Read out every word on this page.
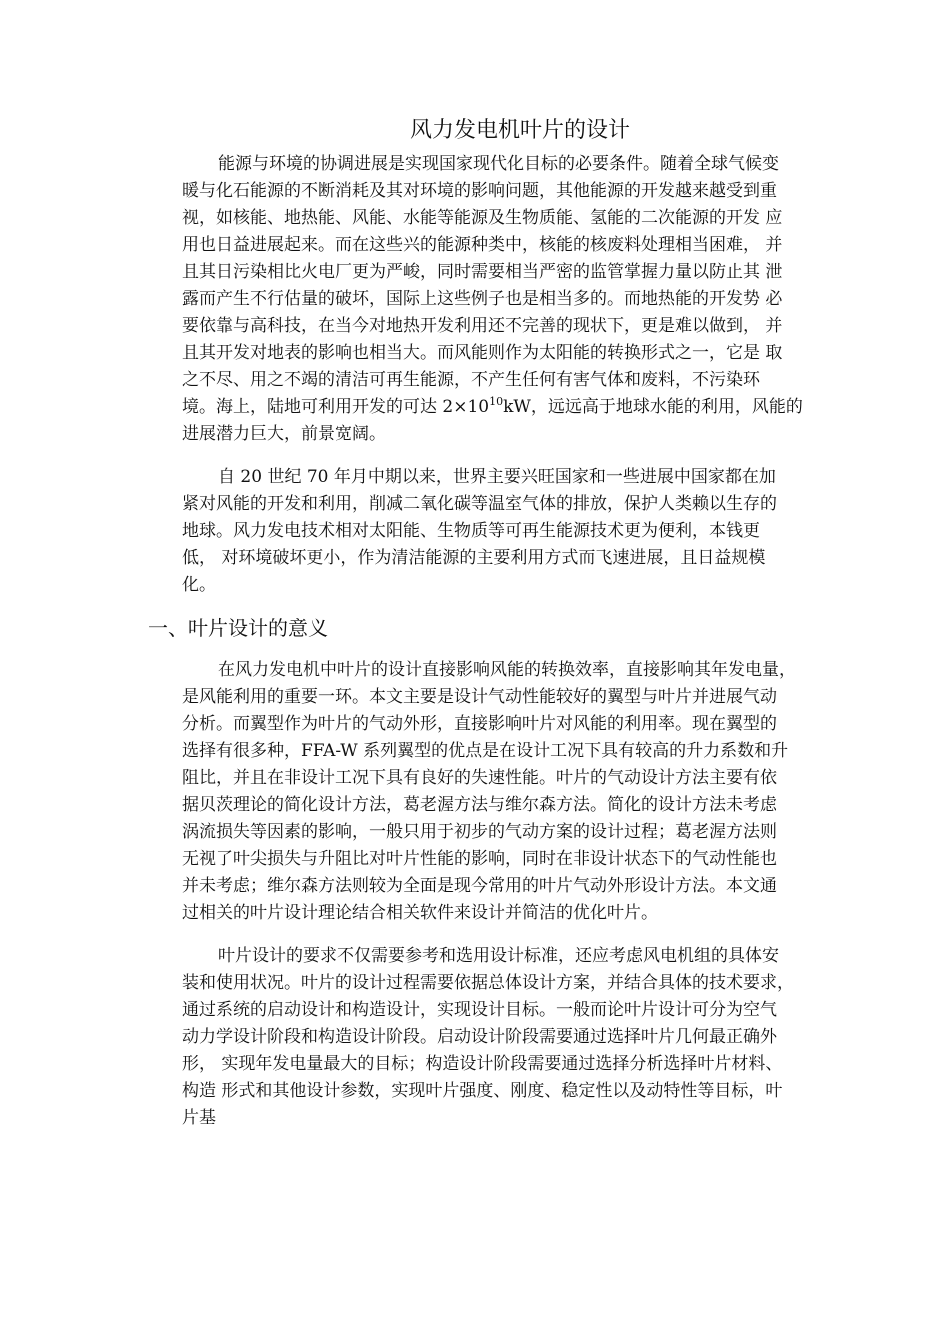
风力发电机叶片的设计

能源与环境的协调进展是实现国家现代化目标的必要条件。随着全球气候变
暖与化石能源的不断消耗及其对环境的影响问题，其他能源的开发越来越受到重
视，如核能、地热能、风能、水能等能源及生物质能、氢能的二次能源的开发 应
用也日益进展起来。而在这些兴的能源种类中，核能的核废料处理相当困难， 并
且其日污染相比火电厂更为严峻，同时需要相当严密的监管掌握力量以防止其 泄
露而产生不行估量的破坏，国际上这些例子也是相当多的。而地热能的开发势 必
要依靠与高科技，在当今对地热开发利用还不完善的现状下，更是难以做到， 并
且其开发对地表的影响也相当大。而风能则作为太阳能的转换形式之一，它是 取
之不尽、用之不竭的清洁可再生能源，不产生任何有害气体和废料，不污染环
境。海上，陆地可利用开发的可达 $2\times 10^{10}kW$，远远高于地球水能的利用，风能的
进展潜力巨大，前景宽阔。

自 20 世纪 70 年月中期以来，世界主要兴旺国家和一些进展中国家都在加
紧对风能的开发和利用，削减二氧化碳等温室气体的排放，保护人类赖以生存的
地球。风力发电技术相对太阳能、生物质等可再生能源技术更为便利，本钱更
低， 对环境破坏更小，作为清洁能源的主要利用方式而飞速进展，且日益规模
化。

一、叶片设计的意义

在风力发电机中叶片的设计直接影响风能的转换效率，直接影响其年发电量，
是风能利用的重要一环。本文主要是设计气动性能较好的翼型与叶片并进展气动
分析。而翼型作为叶片的气动外形，直接影响叶片对风能的利用率。现在翼型的
选择有很多种，FFA-W 系列翼型的优点是在设计工况下具有较高的升力系数和升
阻比，并且在非设计工况下具有良好的失速性能。叶片的气动设计方法主要有依
据贝茨理论的简化设计方法，葛老渥方法与维尔森方法。简化的设计方法未考虑
涡流损失等因素的影响，一般只用于初步的气动方案的设计过程；葛老渥方法则
无视了叶尖损失与升阻比对叶片性能的影响，同时在非设计状态下的气动性能也
并未考虑；维尔森方法则较为全面是现今常用的叶片气动外形设计方法。本文通
过相关的叶片设计理论结合相关软件来设计并简洁的优化叶片。

叶片设计的要求不仅需要参考和选用设计标准，还应考虑风电机组的具体安
装和使用状况。叶片的设计过程需要依据总体设计方案，并结合具体的技术要求，
通过系统的启动设计和构造设计，实现设计目标。一般而论叶片设计可分为空气
动力学设计阶段和构造设计阶段。启动设计阶段需要通过选择叶片几何最正确外
形， 实现年发电量最大的目标；构造设计阶段需要通过选择分析选择叶片材料、
构造 形式和其他设计参数，实现叶片强度、刚度、稳定性以及动特性等目标，叶
片基
